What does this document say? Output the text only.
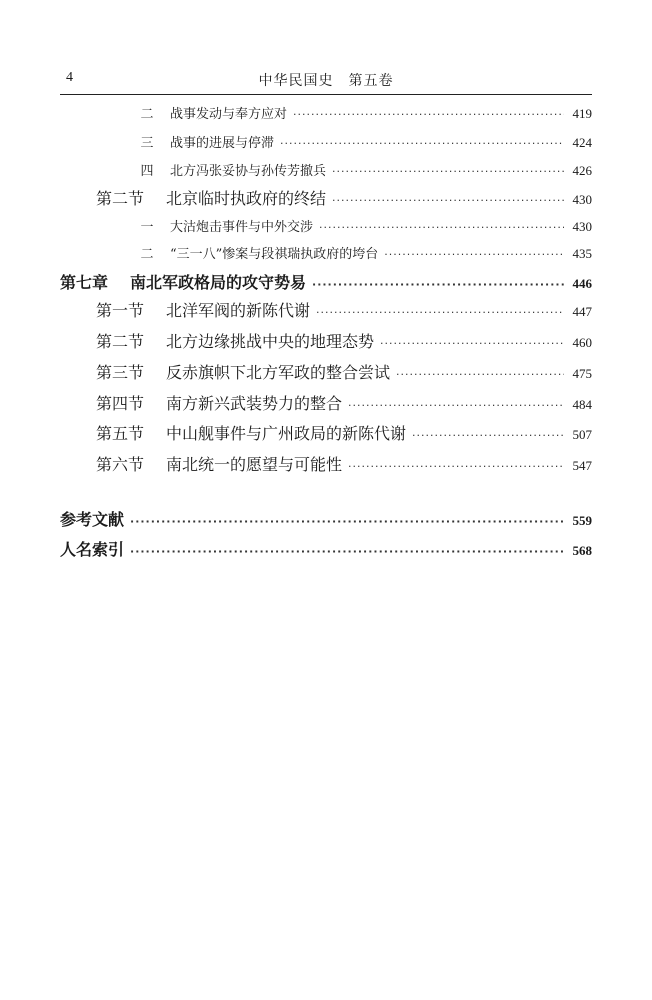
4	中华民国史　第五卷
二	战事发动与奉方应对 ·····	419
三	战事的进展与停滞 ·····	424
四	北方冯张妥协与孙传芳撤兵 ·····	426
第二节	北京临时执政府的终结 ·····	430
一	大沽炮击事件与中外交涉 ·····	430
二	“三一八”惨案与段祺瑞执政府的垮台 ·····	435
第七章	南北军政格局的攻守势易 ·····	446
第一节	北洋军阀的新陈代谢 ·····	447
第二节	北方边缘挑战中央的地理态势 ·····	460
第三节	反赤旗帜下北方军政的整合尝试 ·····	475
第四节	南方新兴武装势力的整合 ·····	484
第五节	中山舰事件与广州政局的新陈代谢 ·····	507
第六节	南北统一的愿望与可能性 ·····	547
参考文献 ·····	559
人名索引 ·····	568
